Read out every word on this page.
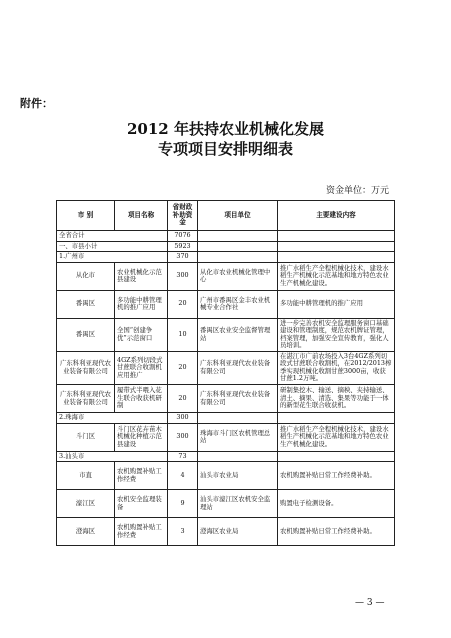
附件：
2012 年扶持农业机械化发展
专项项目安排明细表
资金单位：万元
市 别	项目名称	省财政补助资金	项目单位	主要建设内容
全省合计		7076		
一、市县小计		5923		
1.广州市		370		
从化市	农业机械化示范县建设	300	从化市农业机械化管理中心	推广水稻生产全程机械化技术，建设水稻生产机械化示范基地和地方特色农业生产机械化建设。
番禺区	多功能中耕管理机的推广应用	20	广州市番禺区金丰农业机械专业合作社	多功能中耕管理机的推广应用
番禺区	全国“创建争优”示范窗口	10	番禺区农业安全监督管理站	进一步完善农机安全监理服务窗口基础建设和管理制度，规范农机牌证管理，档案管理，加强安全宣传教育，强化人员培训。
广东科利亚现代农业装备有限公司	4GZ系列切段式甘蔗联合收割机应用推广	20	广东科利亚现代农业装备有限公司	在湛江市广前农场投入3台4GZ系列切段式甘蔗联合收割机，在2012/2013榨季实现机械化收割甘蔗3000亩，收获甘蔗1.2万吨。
广东科利亚现代农业装备有限公司	履带式半喂入花生联合收获机研制	20	广东科利亚现代农业装备有限公司	研制集挖木、输送、摘秧、夹持输送、清土、摘果、清选、集果等功能于一体的新型花生联合收获机。
2.珠海市		300		
斗门区	斗门区花卉苗木机械化种植示范县建设	300	珠海市斗门区农机管理总站	推广水稻生产全程机械化技术，建设水稻生产机械化示范基地和地方特色农业生产机械化建设。
3.汕头市		73		
市直	农机购置补贴工作经费	4	汕头市农业局	农机购置补贴日常工作经费补助。
濠江区	农机安全监理装备	9	汕头市濠江区农机安全监理站	购置电子检测设备。
澄海区	农机购置补贴工作经费	3	澄海区农业局	农机购置补贴日常工作经费补助。
— 3 —
